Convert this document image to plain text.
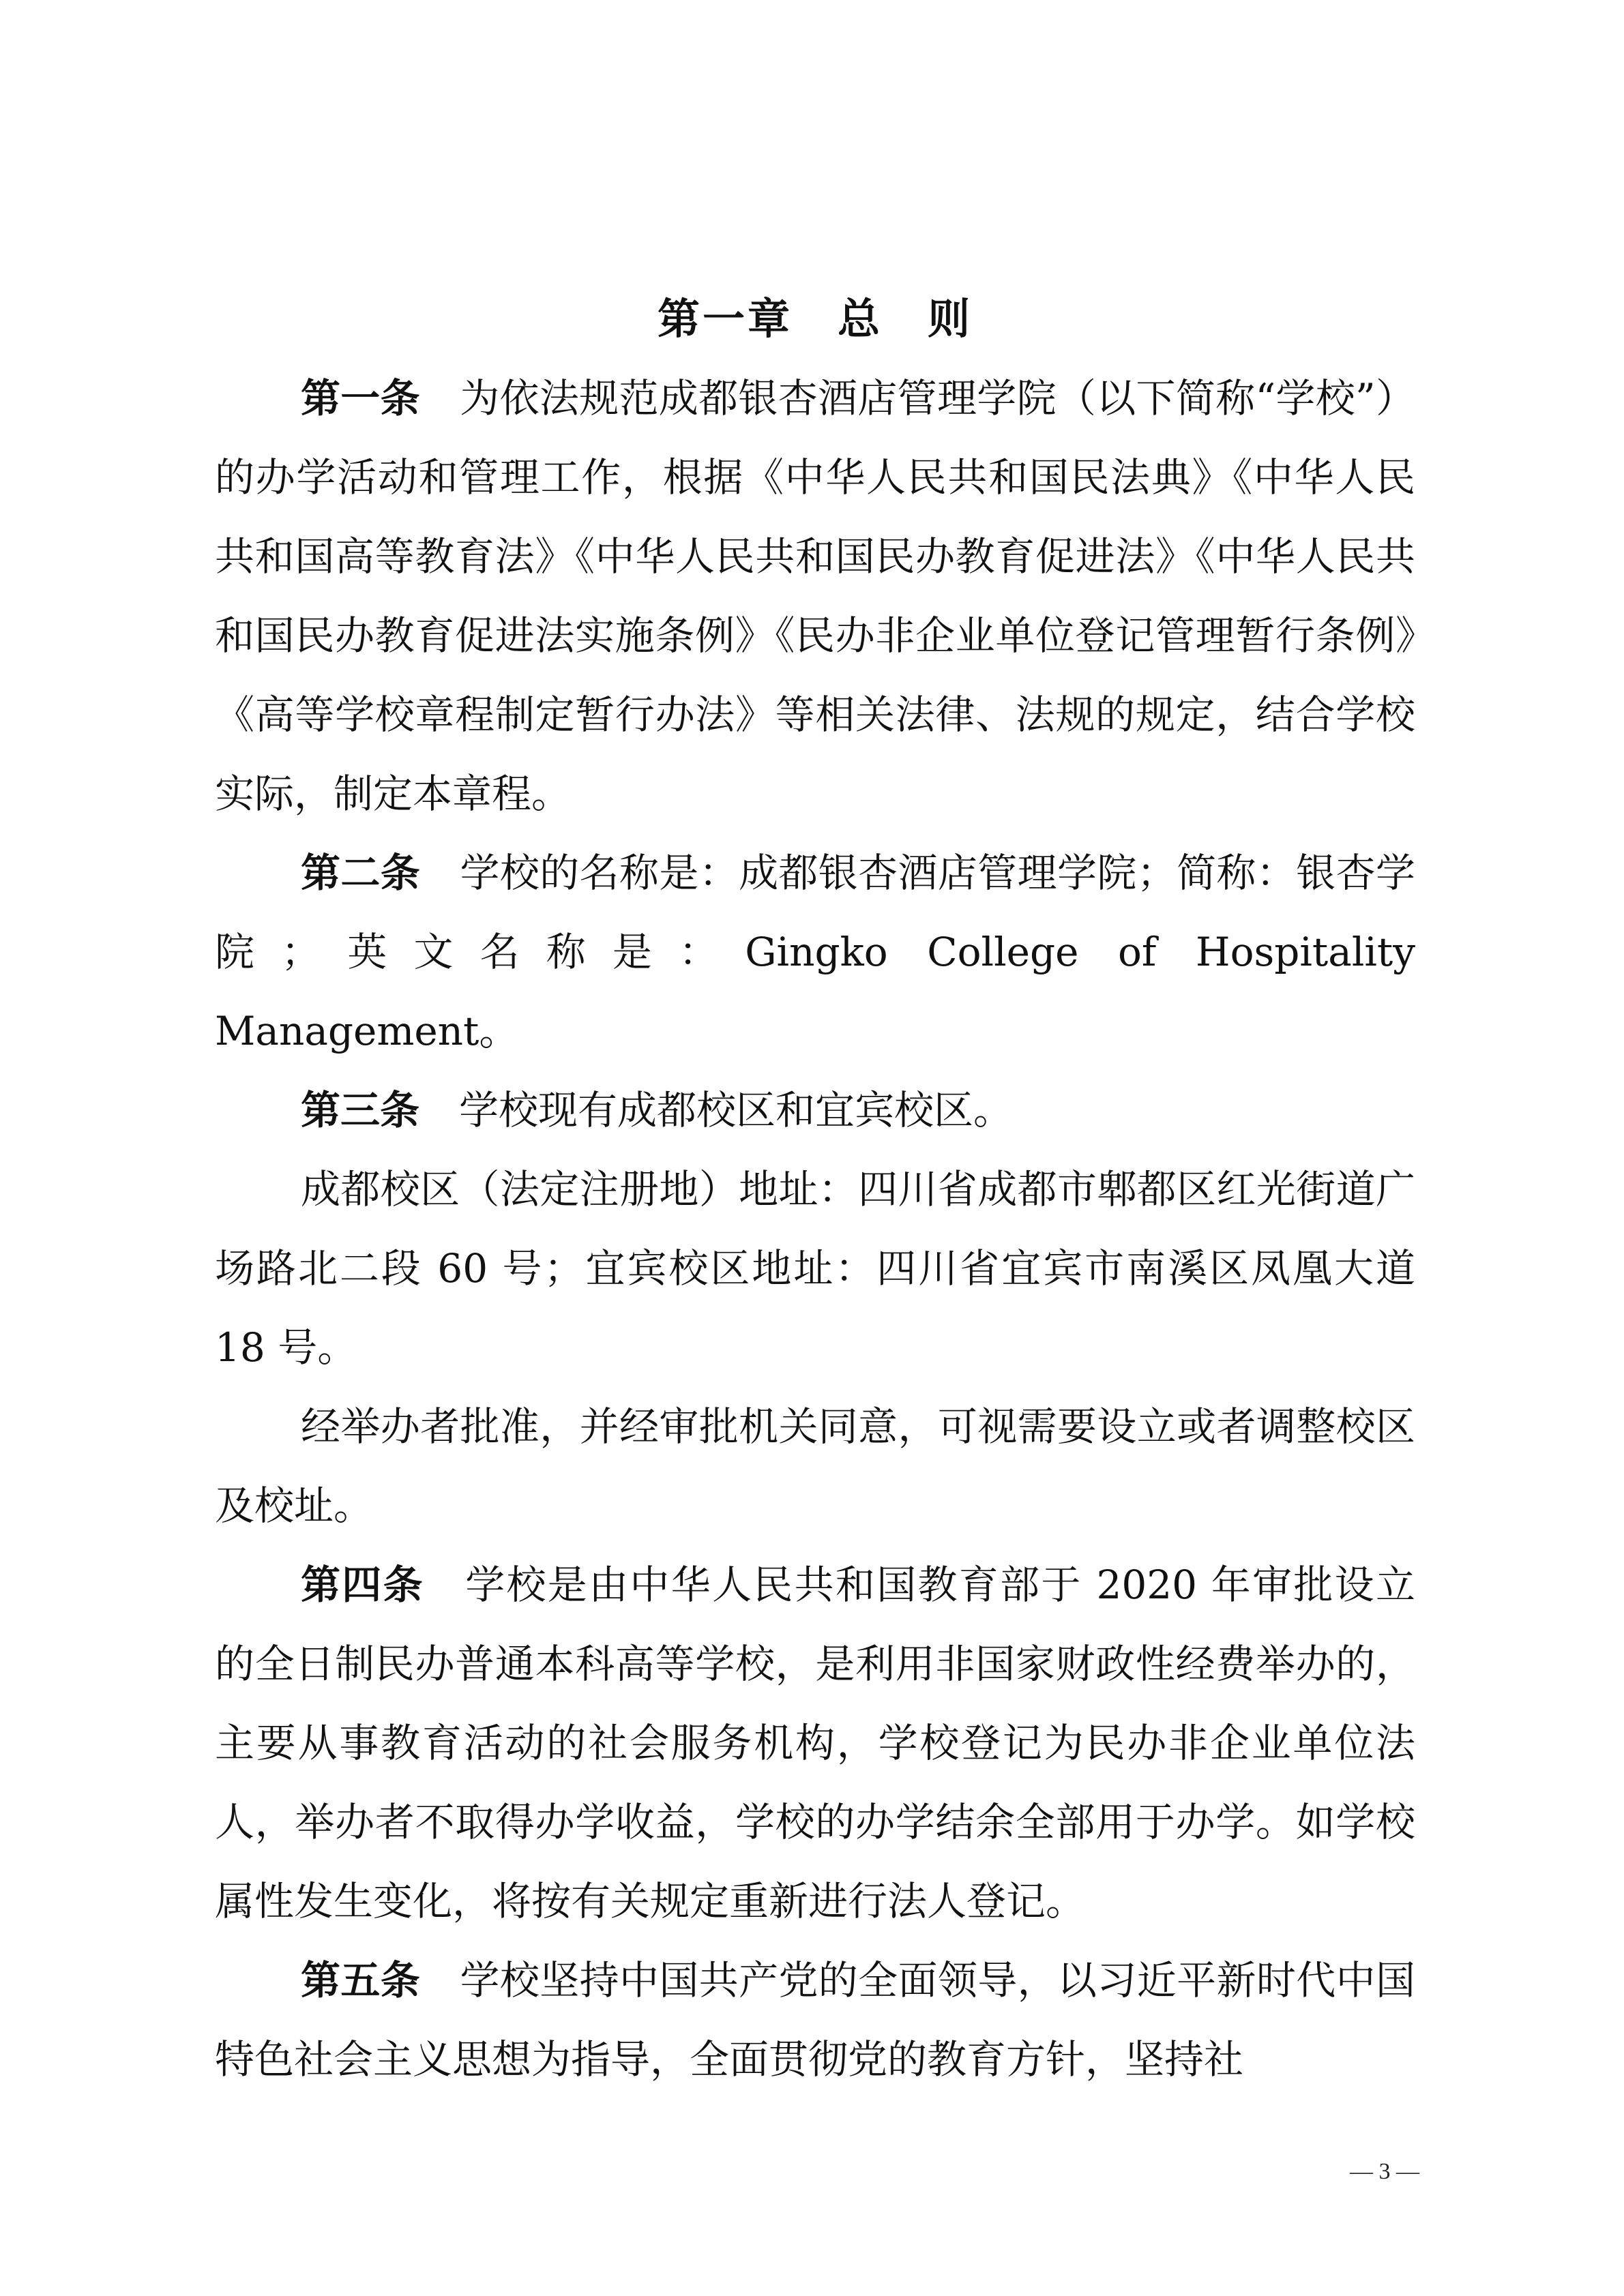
第一章　总　则

第一条 为依法规范成都银杏酒店管理学院（以下简称“学校”）的办学活动和管理工作，根据《中华人民共和国民法典》《中华人民共和国高等教育法》《中华人民共和国民办教育促进法》《中华人民共和国民办教育促进法实施条例》《民办非企业单位登记管理暂行条例》《高等学校章程制定暂行办法》等相关法律、法规的规定，结合学校实际，制定本章程。

第二条 学校的名称是：成都银杏酒店管理学院；简称：银杏学院；英文名称是：Gingko College of Hospitality Management。

第三条 学校现有成都校区和宜宾校区。

成都校区（法定注册地）地址：四川省成都市郫都区红光街道广场路北二段 60 号；宜宾校区地址：四川省宜宾市南溪区凤凰大道 18 号。

经举办者批准，并经审批机关同意，可视需要设立或者调整校区及校址。

第四条 学校是由中华人民共和国教育部于 2020 年审批设立的全日制民办普通本科高等学校，是利用非国家财政性经费举办的，主要从事教育活动的社会服务机构，学校登记为民办非企业单位法人，举办者不取得办学收益，学校的办学结余全部用于办学。如学校属性发生变化，将按有关规定重新进行法人登记。

第五条 学校坚持中国共产党的全面领导，以习近平新时代中国特色社会主义思想为指导，全面贯彻党的教育方针，坚持社

— 3 —
